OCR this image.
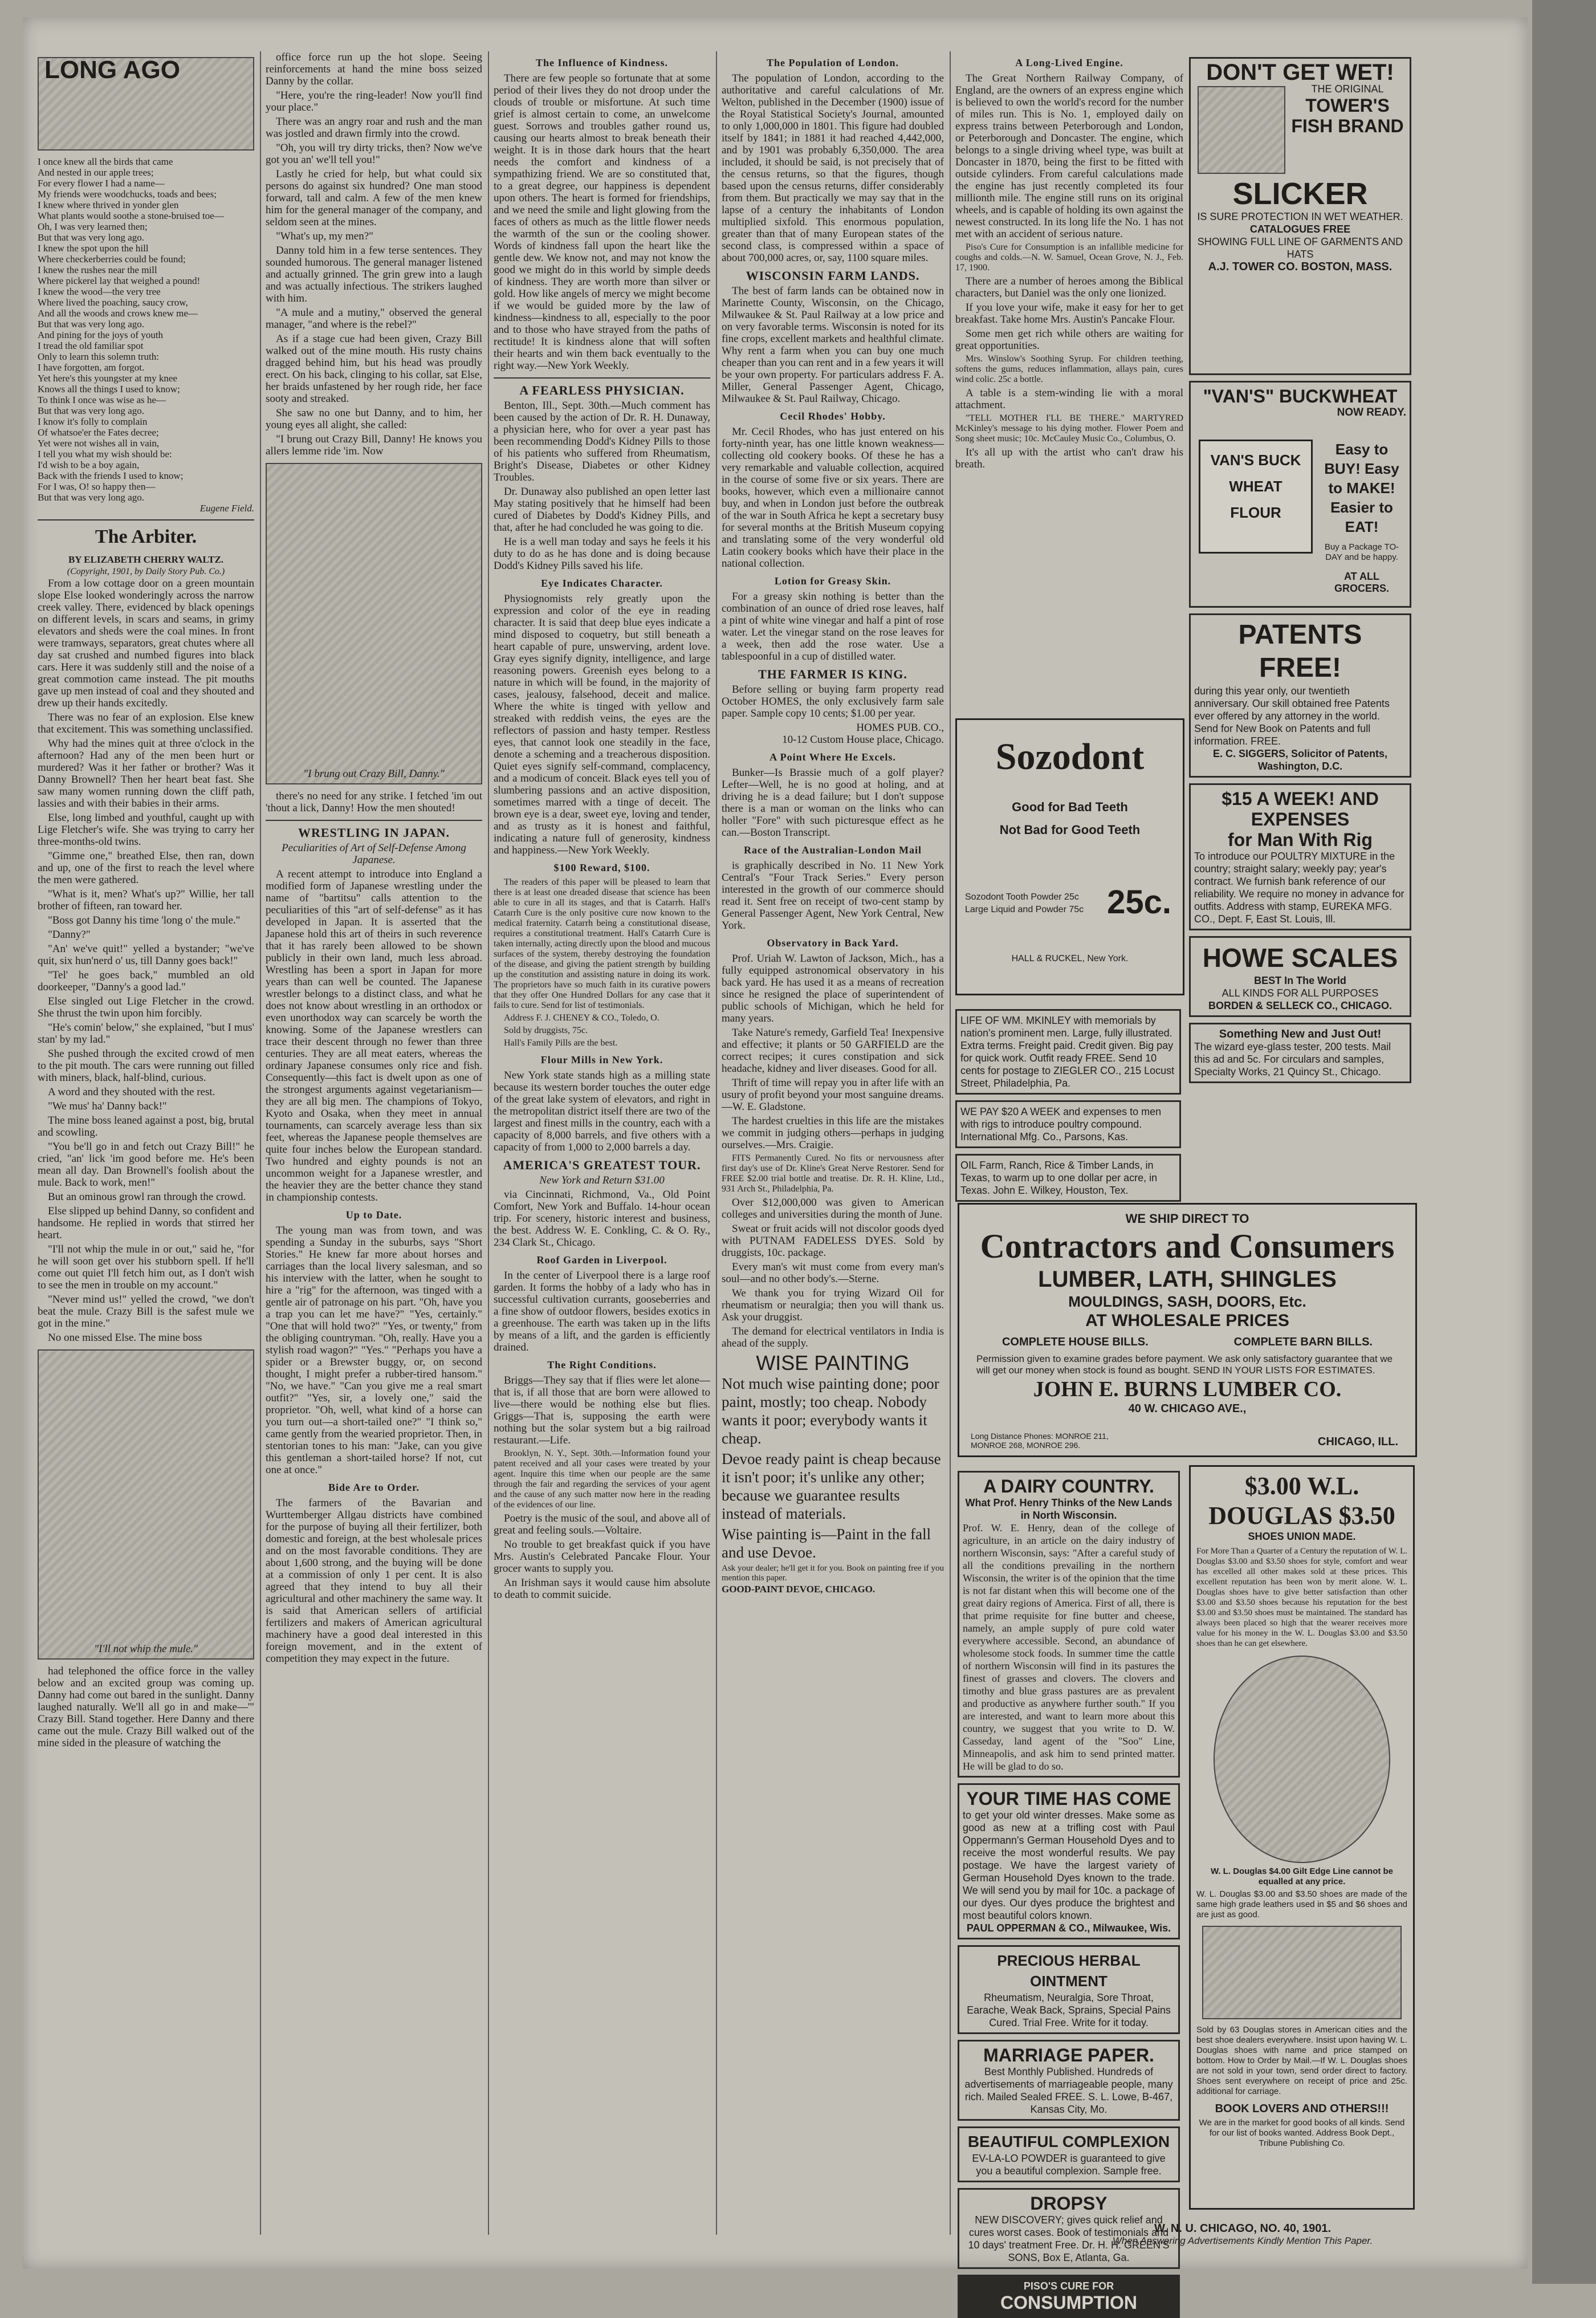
LONG AGO
I once knew all the birds that came
And nested in our apple trees;
For every flower I had a name—
My friends were woodchucks, toads and bees;
I knew where thrived in yonder glen
What plants would soothe a stone-bruised toe—
Oh, I was very learned then;
But that was very long ago.
I knew the spot upon the hill
Where checkerberries could be found;
I knew the rushes near the mill
Where pickerel lay that weighed a pound!
I knew the wood—the very tree
Where lived the poaching, saucy crow,
And all the woods and crows knew me—
But that was very long ago.
And pining for the joys of youth
I tread the old familiar spot
Only to learn this solemn truth:
I have forgotten, am forgot.
Yet here's this youngster at my knee
Knows all the things I used to know;
To think I once was wise as he—
But that was very long ago.
I know it's folly to complain
Of whatsoe'er the Fates decree;
Yet were not wishes all in vain,
I tell you what my wish should be:
I'd wish to be a boy again,
Back with the friends I used to know;
For I was, O! so happy then—
But that was very long ago.
Eugene Field.
The Arbiter.
BY ELIZABETH CHERRY WALTZ.
(Copyright, 1901, by Daily Story Pub. Co.)

From a low cottage door on a green mountain slope Else looked wonderingly across the narrow creek valley. There, evidenced by black openings on different levels, in scars and seams, in grimy elevators and sheds were the coal mines. In front were tramways, separators, great chutes where all day sat crushed and numbed figures into black cars. Here it was suddenly still and the noise of a great commotion came instead. The pit mouths gave up men instead of coal and they shouted and drew up their hands excitedly.

There was no fear of an explosion. Else knew that excitement. This was something unclassified.

Why had the mines quit at three o'clock in the afternoon? Had any of the men been hurt or murdered? Was it her father or brother? Was it Danny Brownell? Then her heart beat fast. She saw many women running down the cliff path, lassies and with their babies in their arms.

Else, long limbed and youthful, caught up with Lige Fletcher's wife. She was trying to carry her three-months-old twins.

"Gimme one," breathed Else, then ran, down and up, one of the first to reach the level where the men were gathered.

"What is it, men? What's up?" Willie, her tall brother of fifteen, ran toward her.

"Boss got Danny his time 'long o' the mule."

"Danny?"

"An' we've quit!" yelled a bystander; "we've quit, six hun'nerd o' us, till Danny goes back!"

"Tel' he goes back," mumbled an old doorkeeper, "Danny's a good lad."

Else singled out Lige Fletcher in the crowd. She thrust the twin upon him forcibly.

"He's comin' below," she explained, "but I mus' stan' by my lad."

She pushed through the excited crowd of men to the pit mouth. The cars were running out filled with miners, black, half-blind, curious.

A word and they shouted with the rest.

"We mus' ha' Danny back!"

The mine boss leaned against a post, big, brutal and scowling.

"You be'll go in and fetch out Crazy Bill!" he cried, "an' lick 'im good before me. He's been mean all day. Dan Brownell's foolish about the mule. Back to work, men!"

But an ominous growl ran through the crowd.

Else slipped up behind Danny, so confident and handsome. He replied in words that stirred her heart.

"I'll not whip the mule in or out," said he, "for he will soon get over his stubborn spell. If he'll come out quiet I'll fetch him out, as I don't wish to see the men in trouble on my account."

"Never mind us!" yelled the crowd, "we don't beat the mule. Crazy Bill is the safest mule we got in the mine."

No one missed Else. The mine boss

"I'll not whip the mule."

had telephoned the office force in the valley below and an excited group was coming up. Danny had come out bared in the sunlight. Danny laughed naturally. We'll all go in and make—'" Crazy Bill. Stand together. Here Danny and there came out the mule. Crazy Bill walked out of the mine sided in the pleasure of watching the

office force run up the hot slope. Seeing reinforcements at hand the mine boss seized Danny by the collar.

"Here, you're the ring-leader! Now you'll find your place."

There was an angry roar and rush and the man was jostled and drawn firmly into the crowd.

"Oh, you will try dirty tricks, then? Now we've got you an' we'll tell you!"

Lastly he cried for help, but what could six persons do against six hundred? One man stood forward, tall and calm. A few of the men knew him for the general manager of the company, and seldom seen at the mines.

"What's up, my men?"

Danny told him in a few terse sentences. They sounded humorous. The general manager listened and actually grinned. The grin grew into a laugh and was actually infectious. The strikers laughed with him.

"A mule and a mutiny," observed the general manager, "and where is the rebel?"

As if a stage cue had been given, Crazy Bill walked out of the mine mouth. His rusty chains dragged behind him, but his head was proudly erect. On his back, clinging to his collar, sat Else, her braids unfastened by her rough ride, her face sooty and streaked.

She saw no one but Danny, and to him, her young eyes all alight, she called:

"I brung out Crazy Bill, Danny! He knows you allers lemme ride 'im. Now

"I brung out Crazy Bill, Danny."

there's no need for any strike. I fetched 'im out 'thout a lick, Danny! How the men shouted!

WRESTLING IN JAPAN.
Peculiarities of Art of Self-Defense Among Japanese.

A recent attempt to introduce into England a modified form of Japanese wrestling under the name of "bartitsu" calls attention to the peculiarities of this "art of self-defense" as it has developed in Japan. It is asserted that the Japanese hold this art of theirs in such reverence that it has rarely been allowed to be shown publicly in their own land, much less abroad. Wrestling has been a sport in Japan for more years than can well be counted. The Japanese wrestler belongs to a distinct class, and what he does not know about wrestling in an orthodox or even unorthodox way can scarcely be worth the knowing. Some of the Japanese wrestlers can trace their descent through no fewer than three centuries. They are all meat eaters, whereas the ordinary Japanese consumes only rice and fish. Consequently—this fact is dwelt upon as one of the strongest arguments against vegetarianism—they are all big men. The champions of Tokyo, Kyoto and Osaka, when they meet in annual tournaments, can scarcely average less than six feet, whereas the Japanese people themselves are quite four inches below the European standard. Two hundred and eighty pounds is not an uncommon weight for a Japanese wrestler, and the heavier they are the better chance they stand in championship contests.

Up to Date.

The young man was from town, and was spending a Sunday in the suburbs, says "Short Stories." He knew far more about horses and carriages than the local livery salesman, and so his interview with the latter, when he sought to hire a "rig" for the afternoon, was tinged with a gentle air of patronage on his part. "Oh, have you a trap you can let me have?" "Yes, certainly." "One that will hold two?" "Yes, or twenty," from the obliging countryman. "Oh, really. Have you a stylish road wagon?" "Yes." "Perhaps you have a spider or a Brewster buggy, or, on second thought, I might prefer a rubber-tired hansom." "No, we have." "Can you give me a real smart outfit?" "Yes, sir, a lovely one," said the proprietor. "Oh, well, what kind of a horse can you turn out—a short-tailed one?" "I think so," came gently from the wearied proprietor. Then, in stentorian tones to his man: "Jake, can you give this gentleman a short-tailed horse? If not, cut one at once."

Bide Are to Order.

The farmers of the Bavarian and Wurttemberger Allgau districts have combined for the purpose of buying all their fertilizer, both domestic and foreign, at the best wholesale prices and on the most favorable conditions. They are about 1,600 strong, and the buying will be done at a commission of only 1 per cent. It is also agreed that they intend to buy all their agricultural and other machinery the same way. It is said that American sellers of artificial fertilizers and makers of American agricultural machinery have a good deal interested in this foreign movement, and in the extent of competition they may expect in the future.

The Influence of Kindness.

There are few people so fortunate that at some period of their lives they do not droop under the clouds of trouble or misfortune. At such time grief is almost certain to come, an unwelcome guest. Sorrows and troubles gather round us, causing our hearts almost to break beneath their weight. It is in those dark hours that the heart needs the comfort and kindness of a sympathizing friend. We are so constituted that, to a great degree, our happiness is dependent upon others. The heart is formed for friendships, and we need the smile and light glowing from the faces of others as much as the little flower needs the warmth of the sun or the cooling shower. Words of kindness fall upon the heart like the gentle dew. We know not, and may not know the good we might do in this world by simple deeds of kindness. They are worth more than silver or gold. How like angels of mercy we might become if we would be guided more by the law of kindness—kindness to all, especially to the poor and to those who have strayed from the paths of rectitude! It is kindness alone that will soften their hearts and win them back eventually to the right way.—New York Weekly.

A FEARLESS PHYSICIAN.

Benton, Ill., Sept. 30th.—Much comment has been caused by the action of Dr. R. H. Dunaway, a physician here, who for over a year past has been recommending Dodd's Kidney Pills to those of his patients who suffered from Rheumatism, Bright's Disease, Diabetes or other Kidney Troubles.

Dr. Dunaway also published an open letter last May stating positively that he himself had been cured of Diabetes by Dodd's Kidney Pills, and that, after he had concluded he was going to die.

He is a well man today and says he feels it his duty to do as he has done and is doing because Dodd's Kidney Pills saved his life.

Eye Indicates Character.

Physiognomists rely greatly upon the expression and color of the eye in reading character. It is said that deep blue eyes indicate a mind disposed to coquetry, but still beneath a heart capable of pure, unswerving, ardent love. Gray eyes signify dignity, intelligence, and large reasoning powers. Greenish eyes belong to a nature in which will be found, in the majority of cases, jealousy, falsehood, deceit and malice. Where the white is tinged with yellow and streaked with reddish veins, the eyes are the reflectors of passion and hasty temper. Restless eyes, that cannot look one steadily in the face, denote a scheming and a treacherous disposition. Quiet eyes signify self-command, complacency, and a modicum of conceit. Black eyes tell you of slumbering passions and an active disposition, sometimes marred with a tinge of deceit. The brown eye is a dear, sweet eye, loving and tender, and as trusty as it is honest and faithful, indicating a nature full of generosity, kindness and happiness.—New York Weekly.

$100 Reward, $100.

The readers of this paper will be pleased to learn that there is at least one dreaded disease that science has been able to cure in all its stages, and that is Catarrh. Hall's Catarrh Cure is the only positive cure now known to the medical fraternity. Catarrh being a constitutional disease, requires a constitutional treatment. Hall's Catarrh Cure is taken internally, acting directly upon the blood and mucous surfaces of the system, thereby destroying the foundation of the disease, and giving the patient strength by building up the constitution and assisting nature in doing its work. The proprietors have so much faith in its curative powers that they offer One Hundred Dollars for any case that it fails to cure. Send for list of testimonials.

Address F. J. CHENEY & CO., Toledo, O.

Sold by druggists, 75c.

Hall's Family Pills are the best.

Flour Mills in New York.

New York state stands high as a milling state because its western border touches the outer edge of the great lake system of elevators, and right in the metropolitan district itself there are two of the largest and finest mills in the country, each with a capacity of 8,000 barrels, and five others with a capacity of from 1,000 to 2,000 barrels a day.

AMERICA'S GREATEST TOUR.
New York and Return $31.00

via Cincinnati, Richmond, Va., Old Point Comfort, New York and Buffalo. 14-hour ocean trip. For scenery, historic interest and business, the best. Address W. E. Conkling, C. & O. Ry., 234 Clark St., Chicago.

Roof Garden in Liverpool.

In the center of Liverpool there is a large roof garden. It forms the hobby of a lady who has in successful cultivation currants, gooseberries and a fine show of outdoor flowers, besides exotics in a greenhouse. The earth was taken up in the lifts by means of a lift, and the garden is efficiently drained.

The Right Conditions.

Briggs—They say that if flies were let alone—that is, if all those that are born were allowed to live—there would be nothing else but flies. Griggs—That is, supposing the earth were nothing but the solar system but a big railroad restaurant.—Life.

Brooklyn, N. Y., Sept. 30th.—Information found your patent received and all your cases were treated by your agent. Inquire this time when our people are the same through the fair and regarding the services of your agent and the cause of any such matter now here in the reading of the evidences of our line.

Poetry is the music of the soul, and above all of great and feeling souls.—Voltaire.

No trouble to get breakfast quick if you have Mrs. Austin's Celebrated Pancake Flour. Your grocer wants to supply you.

An Irishman says it would cause him absolute to death to commit suicide.

The Population of London.

The population of London, according to the authoritative and careful calculations of Mr. Welton, published in the December (1900) issue of the Royal Statistical Society's Journal, amounted to only 1,000,000 in 1801. This figure had doubled itself by 1841; in 1881 it had reached 4,442,000, and by 1901 was probably 6,350,000. The area included, it should be said, is not precisely that of the census returns, so that the figures, though based upon the census returns, differ considerably from them. But practically we may say that in the lapse of a century the inhabitants of London multiplied sixfold. This enormous population, greater than that of many European states of the second class, is compressed within a space of about 700,000 acres, or, say, 1100 square miles.

WISCONSIN FARM LANDS.

The best of farm lands can be obtained now in Marinette County, Wisconsin, on the Chicago, Milwaukee & St. Paul Railway at a low price and on very favorable terms. Wisconsin is noted for its fine crops, excellent markets and healthful climate. Why rent a farm when you can buy one much cheaper than you can rent and in a few years it will be your own property. For particulars address F. A. Miller, General Passenger Agent, Chicago, Milwaukee & St. Paul Railway, Chicago.

Cecil Rhodes' Hobby.

Mr. Cecil Rhodes, who has just entered on his forty-ninth year, has one little known weakness—collecting old cookery books. Of these he has a very remarkable and valuable collection, acquired in the course of some five or six years. There are books, however, which even a millionaire cannot buy, and when in London just before the outbreak of the war in South Africa he kept a secretary busy for several months at the British Museum copying and translating some of the very wonderful old Latin cookery books which have their place in the national collection.

Lotion for Greasy Skin.

For a greasy skin nothing is better than the combination of an ounce of dried rose leaves, half a pint of white wine vinegar and half a pint of rose water. Let the vinegar stand on the rose leaves for a week, then add the rose water. Use a tablespoonful in a cup of distilled water.

THE FARMER IS KING.

Before selling or buying farm property read October HOMES, the only exclusively farm sale paper. Sample copy 10 cents; $1.00 per year.

HOMES PUB. CO.,
10-12 Custom House place, Chicago.
A Point Where He Excels.

Bunker—Is Brassie much of a golf player? Lefter—Well, he is no good at holing, and at driving he is a dead failure; but I don't suppose there is a man or woman on the links who can holler "Fore" with such picturesque effect as he can.—Boston Transcript.

Race of the Australian-London Mail

is graphically described in No. 11 New York Central's "Four Track Series." Every person interested in the growth of our commerce should read it. Sent free on receipt of two-cent stamp by General Passenger Agent, New York Central, New York.

Observatory in Back Yard.

Prof. Uriah W. Lawton of Jackson, Mich., has a fully equipped astronomical observatory in his back yard. He has used it as a means of recreation since he resigned the place of superintendent of public schools of Michigan, which he held for many years.

Take Nature's remedy, Garfield Tea! Inexpensive and effective; it plants or 50 GARFIELD are the correct recipes; it cures constipation and sick headache, kidney and liver diseases. Good for all.

Thrift of time will repay you in after life with an usury of profit beyond your most sanguine dreams.—W. E. Gladstone.

The hardest cruelties in this life are the mistakes we commit in judging others—perhaps in judging ourselves.—Mrs. Craigie.

FITS Permanently Cured. No fits or nervousness after first day's use of Dr. Kline's Great Nerve Restorer. Send for FREE $2.00 trial bottle and treatise. Dr. R. H. Kline, Ltd., 931 Arch St., Philadelphia, Pa.

Over $12,000,000 was given to American colleges and universities during the month of June.

Sweat or fruit acids will not discolor goods dyed with PUTNAM FADELESS DYES. Sold by druggists, 10c. package.

Every man's wit must come from every man's soul—and no other body's.—Sterne.

We thank you for trying Wizard Oil for rheumatism or neuralgia; then you will thank us. Ask your druggist.

The demand for electrical ventilators in India is ahead of the supply.

WISE PAINTING

Not much wise painting done; poor paint, mostly; too cheap. Nobody wants it poor; everybody wants it cheap.

Devoe ready paint is cheap because it isn't poor; it's unlike any other; because we guarantee results instead of materials.

Wise painting is—Paint in the fall and use Devoe.

Ask your dealer; he'll get it for you. Book on painting free if you mention this paper.
GOOD-PAINT DEVOE, CHICAGO.
A Long-Lived Engine.

The Great Northern Railway Company, of England, are the owners of an express engine which is believed to own the world's record for the number of miles run. This is No. 1, employed daily on express trains between Peterborough and London, or Peterborough and Doncaster. The engine, which belongs to a single driving wheel type, was built at Doncaster in 1870, being the first to be fitted with outside cylinders. From careful calculations made the engine has just recently completed its four millionth mile. The engine still runs on its original wheels, and is capable of holding its own against the newest constructed. In its long life the No. 1 has not met with an accident of serious nature.

Piso's Cure for Consumption is an infallible medicine for coughs and colds.—N. W. Samuel, Ocean Grove, N. J., Feb. 17, 1900.

There are a number of heroes among the Biblical characters, but Daniel was the only one lionized.

If you love your wife, make it easy for her to get breakfast. Take home Mrs. Austin's Pancake Flour.

Some men get rich while others are waiting for great opportunities.

Mrs. Winslow's Soothing Syrup. For children teething, softens the gums, reduces inflammation, allays pain, cures wind colic. 25c a bottle.

A table is a stem-winding lie with a moral attachment.

"TELL MOTHER I'LL BE THERE." MARTYRED McKinley's message to his dying mother. Flower Poem and Song sheet music; 10c. McCauley Music Co., Columbus, O.

It's all up with the artist who can't draw his breath.

Sozodont
Good for Bad Teeth
Not Bad for Good Teeth
Sozodont Tooth Powder 25c
Large Liquid and Powder 75c 25c.
HALL & RUCKEL, New York.
LIFE OF WM. MKINLEY with memorials by nation's prominent men. Large, fully illustrated. Extra terms. Freight paid. Credit given. Big pay for quick work. Outfit ready FREE. Send 10 cents for postage to ZIEGLER CO., 215 Locust Street, Philadelphia, Pa.
WE PAY $20 A WEEK and expenses to men with rigs to introduce poultry compound. International Mfg. Co., Parsons, Kas.
OIL Farm, Ranch, Rice & Timber Lands, in Texas, to warm up to one dollar per acre, in Texas. John E. Wilkey, Houston, Tex.
DON'T GET WET!
THE ORIGINAL
TOWER'S
FISH BRAND
SLICKER
IS SURE PROTECTION IN WET WEATHER.
CATALOGUES FREE
SHOWING FULL LINE OF GARMENTS AND HATS
A.J. TOWER CO. BOSTON, MASS.
"VAN'S" BUCKWHEAT
NOW READY.
VAN'S BUCK WHEAT FLOUR
Easy to BUY! Easy to MAKE! Easier to EAT!
Buy a Package TO-DAY and be happy.
AT ALL GROCERS.
PATENTS FREE!
during this year only, our twentieth anniversary. Our skill obtained free Patents ever offered by any attorney in the world. Send for New Book on Patents and full information. FREE.
E. C. SIGGERS, Solicitor of Patents, Washington, D.C.
$15 A WEEK! AND EXPENSES
for Man With Rig
To introduce our POULTRY MIXTURE in the country; straight salary; weekly pay; year's contract. We furnish bank reference of our reliability. We require no money in advance for outfits. Address with stamp, EUREKA MFG. CO., Dept. F, East St. Louis, Ill.
HOWE SCALES
BEST In The World
ALL KINDS FOR ALL PURPOSES
BORDEN & SELLECK CO., CHICAGO.
Something New and Just Out!
The wizard eye-glass tester, 200 tests. Mail this ad and 5c. For circulars and samples, Specialty Works, 21 Quincy St., Chicago.
WE SHIP DIRECT TO
Contractors and Consumers
LUMBER, LATH, SHINGLES
MOULDINGS, SASH, DOORS, Etc.
AT WHOLESALE PRICES
COMPLETE HOUSE BILLS.	COMPLETE BARN BILLS.
Permission given to examine grades before payment. We ask only satisfactory guarantee that we will get our money when stock is found as bought. SEND IN YOUR LISTS FOR ESTIMATES.
JOHN E. BURNS LUMBER CO.
40 W. CHICAGO AVE.,
Long Distance Phones: MONROE 211, MONROE 268, MONROE 296.	CHICAGO, ILL.
A DAIRY COUNTRY.
What Prof. Henry Thinks of the New Lands in North Wisconsin.
Prof. W. E. Henry, dean of the college of agriculture, in an article on the dairy industry of northern Wisconsin, says: "After a careful study of all the conditions prevailing in the northern Wisconsin, the writer is of the opinion that the time is not far distant when this will become one of the great dairy regions of America. First of all, there is that prime requisite for fine butter and cheese, namely, an ample supply of pure cold water everywhere accessible. Second, an abundance of wholesome stock foods. In summer time the cattle of northern Wisconsin will find in its pastures the finest of grasses and clovers. The clovers and timothy and blue grass pastures are as prevalent and productive as anywhere further south." If you are interested, and want to learn more about this country, we suggest that you write to D. W. Casseday, land agent of the "Soo" Line, Minneapolis, and ask him to send printed matter. He will be glad to do so.
YOUR TIME HAS COME
to get your old winter dresses. Make some as good as new at a trifling cost with Paul Oppermann's German Household Dyes and to receive the most wonderful results. We pay postage. We have the largest variety of German Household Dyes known to the trade. We will send you by mail for 10c. a package of our dyes. Our dyes produce the brightest and most beautiful colors known.
PAUL OPPERMAN & CO., Milwaukee, Wis.
PRECIOUS HERBAL OINTMENT
Rheumatism, Neuralgia, Sore Throat, Earache, Weak Back, Sprains, Special Pains Cured. Trial Free. Write for it today.
MARRIAGE PAPER.
Best Monthly Published. Hundreds of advertisements of marriageable people, many rich. Mailed Sealed FREE. S. L. Lowe, B-467, Kansas City, Mo.
BEAUTIFUL COMPLEXION
EV-LA-LO POWDER is guaranteed to give you a beautiful complexion. Sample free.
DROPSY
NEW DISCOVERY; gives quick relief and cures worst cases. Book of testimonials and 10 days' treatment Free. Dr. H. H. GREEN'S SONS, Box E, Atlanta, Ga.
PISO'S CURE FOR
CONSUMPTION
$3.00 W.L. DOUGLAS $3.50
SHOES UNION MADE.
For More Than a Quarter of a Century the reputation of W. L. Douglas $3.00 and $3.50 shoes for style, comfort and wear has excelled all other makes sold at these prices. This excellent reputation has been won by merit alone. W. L. Douglas shoes have to give better satisfaction than other $3.00 and $3.50 shoes because his reputation for the best $3.00 and $3.50 shoes must be maintained. The standard has always been placed so high that the wearer receives more value for his money in the W. L. Douglas $3.00 and $3.50 shoes than he can get elsewhere.
W. L. Douglas $4.00 Gilt Edge Line cannot be equalled at any price.
W. L. Douglas $3.00 and $3.50 shoes are made of the same high grade leathers used in $5 and $6 shoes and are just as good.
Sold by 63 Douglas stores in American cities and the best shoe dealers everywhere. Insist upon having W. L. Douglas shoes with name and price stamped on bottom. How to Order by Mail.—If W. L. Douglas shoes are not sold in your town, send order direct to factory. Shoes sent everywhere on receipt of price and 25c. additional for carriage.
BOOK LOVERS AND OTHERS!!!
We are in the market for good books of all kinds. Send for our list of books wanted. Address Book Dept., Tribune Publishing Co.
W. N. U. CHICAGO, NO. 40, 1901.
When Answering Advertisements Kindly Mention This Paper.
